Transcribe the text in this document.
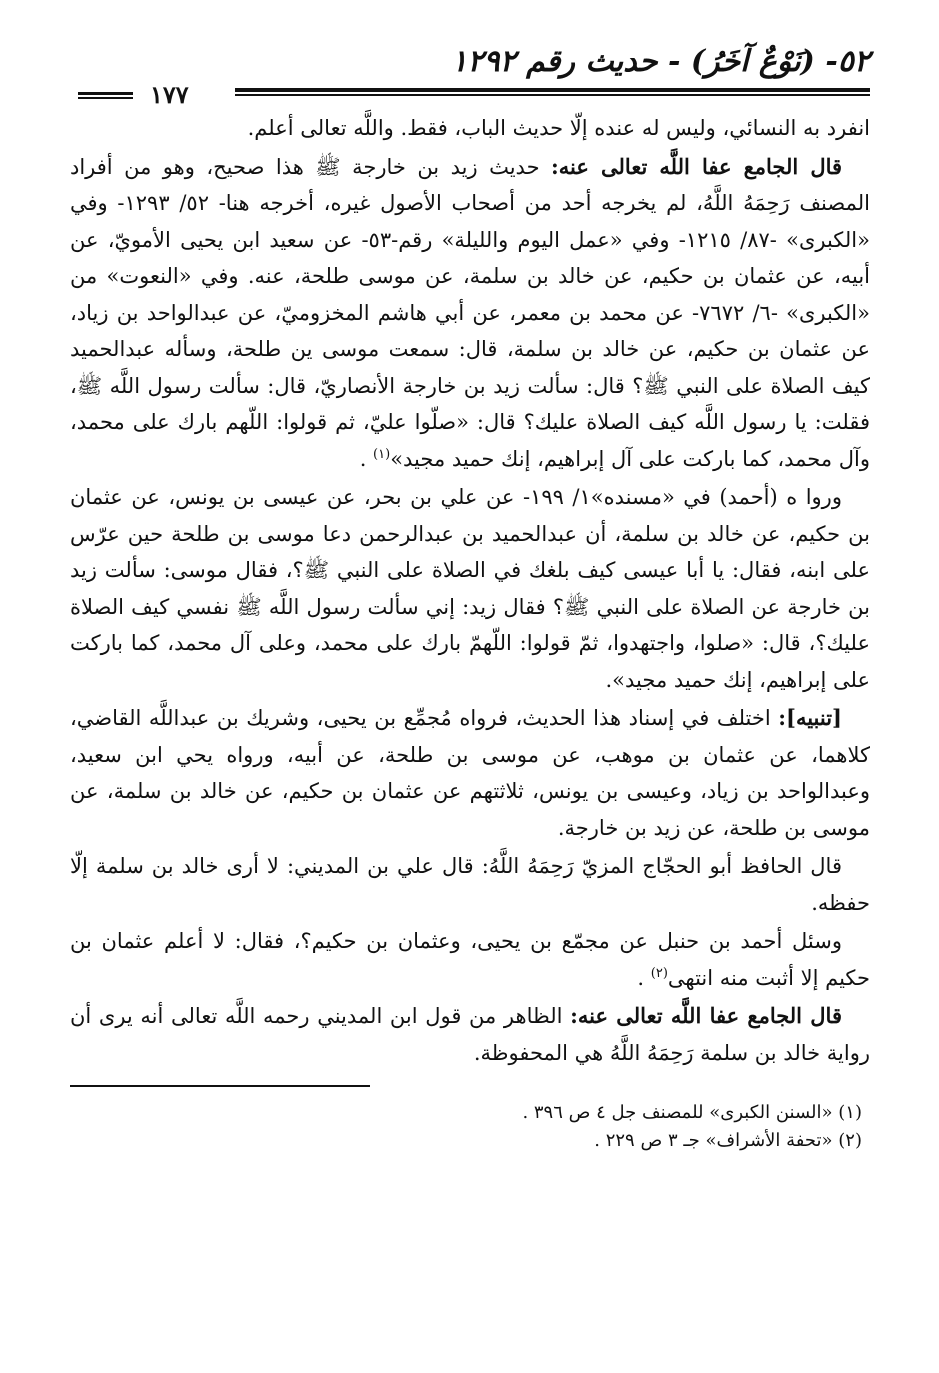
٥٢- (نَوْعٌ آخَرُ) - حديث رقم ١٢٩٢
١٧٧

انفرد به النسائي، وليس له عنده إلّا حديث الباب، فقط. واللَّه تعالى أعلم.

قال الجامع عفا اللَّه تعالى عنه: حديث زيد بن خارجة ﷺ هذا صحيح، وهو من أفراد المصنف رَحِمَهُ اللَّهُ، لم يخرجه أحد من أصحاب الأصول غيره، أخرجه هنا- ٥٢/ ١٢٩٣- وفي «الكبرى» -٨٧/ ١٢١٥- وفي «عمل اليوم والليلة» رقم-٥٣- عن سعيد ابن يحيى الأمويّ، عن أبيه، عن عثمان بن حكيم، عن خالد بن سلمة، عن موسى طلحة، عنه. وفي «النعوت» من «الكبرى» -٦/ ٧٦٧٢- عن محمد بن معمر، عن أبي هاشم المخزوميّ، عن عبدالواحد بن زياد، عن عثمان بن حكيم، عن خالد بن سلمة، قال: سمعت موسى ين طلحة، وسأله عبدالحميد كيف الصلاة على النبي ﷺ؟ قال: سألت زيد بن خارجة الأنصاريّ، قال: سألت رسول اللَّه ﷺ، فقلت: يا رسول اللَّه كيف الصلاة عليك؟ قال: «صلّوا عليّ، ثم قولوا: اللّهم بارك على محمد، وآل محمد، كما باركت على آل إبراهيم، إنك حميد مجيد»$^{(١)}$ .

وروا ه (أحمد) في «مسنده»١/ ١٩٩- عن علي بن بحر، عن عيسى بن يونس، عن عثمان بن حكيم، عن خالد بن سلمة، أن عبدالحميد بن عبدالرحمن دعا موسى بن طلحة حين عرّس على ابنه، فقال: يا أبا عيسى كيف بلغك في الصلاة على النبي ﷺ؟، فقال موسى: سألت زيد بن خارجة عن الصلاة على النبي ﷺ؟ فقال زيد: إني سألت رسول اللَّه ﷺ نفسي كيف الصلاة عليك؟، قال: «صلوا، واجتهدوا، ثمّ قولوا: اللّهمّ بارك على محمد، وعلى آل محمد، كما باركت على إبراهيم، إنك حميد مجيد».

[تنبيه]: اختلف في إسناد هذا الحديث، فرواه مُجمِّع بن يحيى، وشريك بن عبداللَّه القاضي، كلاهما، عن عثمان بن موهب، عن موسى بن طلحة، عن أبيه، ورواه يحي ابن سعيد، وعبدالواحد بن زياد، وعيسى بن يونس، ثلاثتهم عن عثمان بن حكيم، عن خالد بن سلمة، عن موسى بن طلحة، عن زيد بن خارجة.

قال الحافظ أبو الحجّاج المزيّ رَحِمَهُ اللَّهُ: قال علي بن المديني: لا أرى خالد بن سلمة إلّا حفظه.

وسئل أحمد بن حنبل عن مجمّع بن يحيى، وعثمان بن حكيم؟، فقال: لا أعلم عثمان بن حكيم إلا أثبت منه انتهى$^{(٢)}$ .

قال الجامع عفا اللَّه تعالى عنه: الظاهر من قول ابن المديني رحمه اللَّه تعالى أنه يرى أن رواية خالد بن سلمة رَحِمَهُ اللَّهُ هي المحفوظة.

(١) «السنن الكبرى» للمصنف جل ٤ ص ٣٩٦ .
(٢) «تحفة الأشراف» جـ ٣ ص ٢٢٩ .
